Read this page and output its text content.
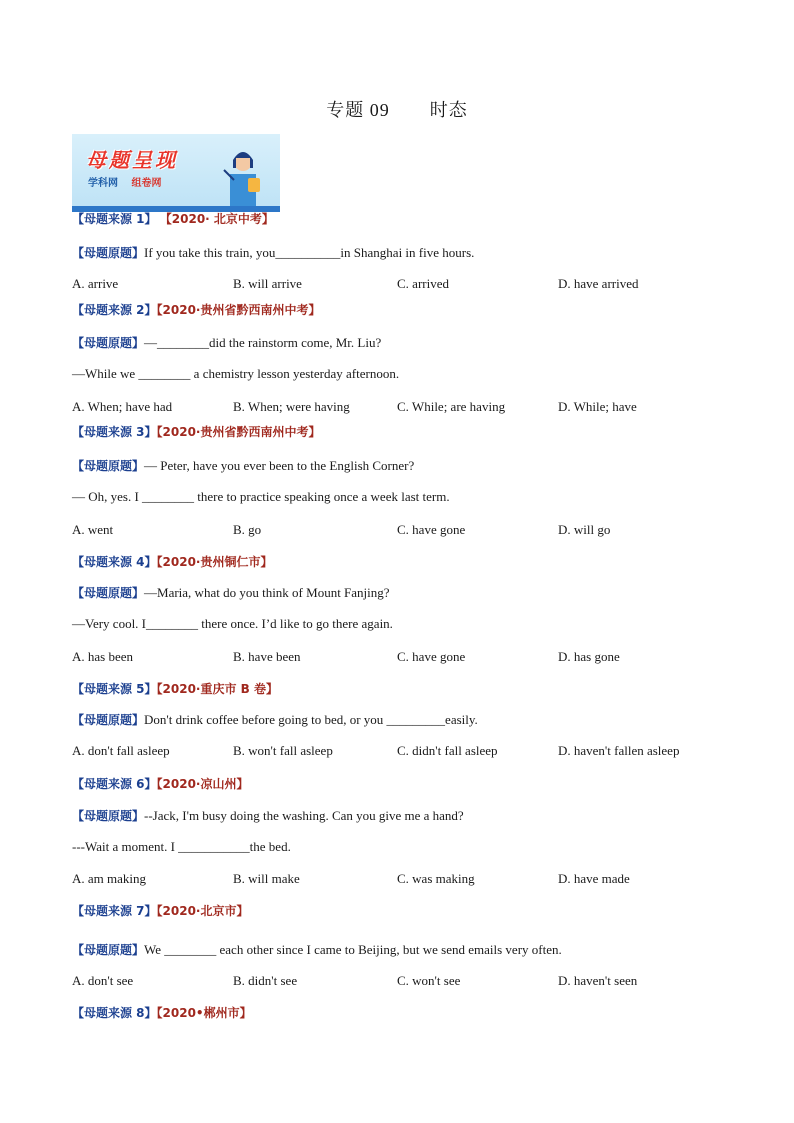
专题 09 时态
母题呈现
学科网 组卷网
【母题来源 1】 【2020· 北京中考】
【母题原题】If you take this train, you__________in Shanghai in five hours.
A. arrive	B. will arrive	C. arrived	D. have arrived
【母题来源 2】【2020·贵州省黔西南州中考】
【母题原题】—________did the rainstorm come, Mr. Liu?
—While we ________ a chemistry lesson yesterday afternoon.
A. When; have had	B. When; were having	C. While; are having	D. While; have
【母题来源 3】【2020·贵州省黔西南州中考】
【母题原题】— Peter, have you ever been to the English Corner?
— Oh, yes. I ________ there to practice speaking once a week last term.
A. went	B. go	C. have gone	D. will go
【母题来源 4】【2020·贵州铜仁市】
【母题原题】—Maria, what do you think of Mount Fanjing?
—Very cool. I________ there once. I’d like to go there again.
A. has been	B. have been	C. have gone	D. has gone
【母题来源 5】【2020·重庆市 B 卷】
【母题原题】Don't drink coffee before going to bed, or you _________easily.
A. don't fall asleep	B. won't fall asleep	C. didn't fall asleep	D. haven't fallen asleep
【母题来源 6】【2020·凉山州】
【母题原题】--Jack, I'm busy doing the washing. Can you give me a hand?
---Wait a moment. I ___________the bed.
A. am making	B. will make	C. was making	D. have made
【母题来源 7】【2020·北京市】
【母题原题】We ________ each other since I came to Beijing, but we send emails very often.
A. don't see	B. didn't see	C. won't see	D. haven't seen
【母题来源 8】【2020•郴州市】
